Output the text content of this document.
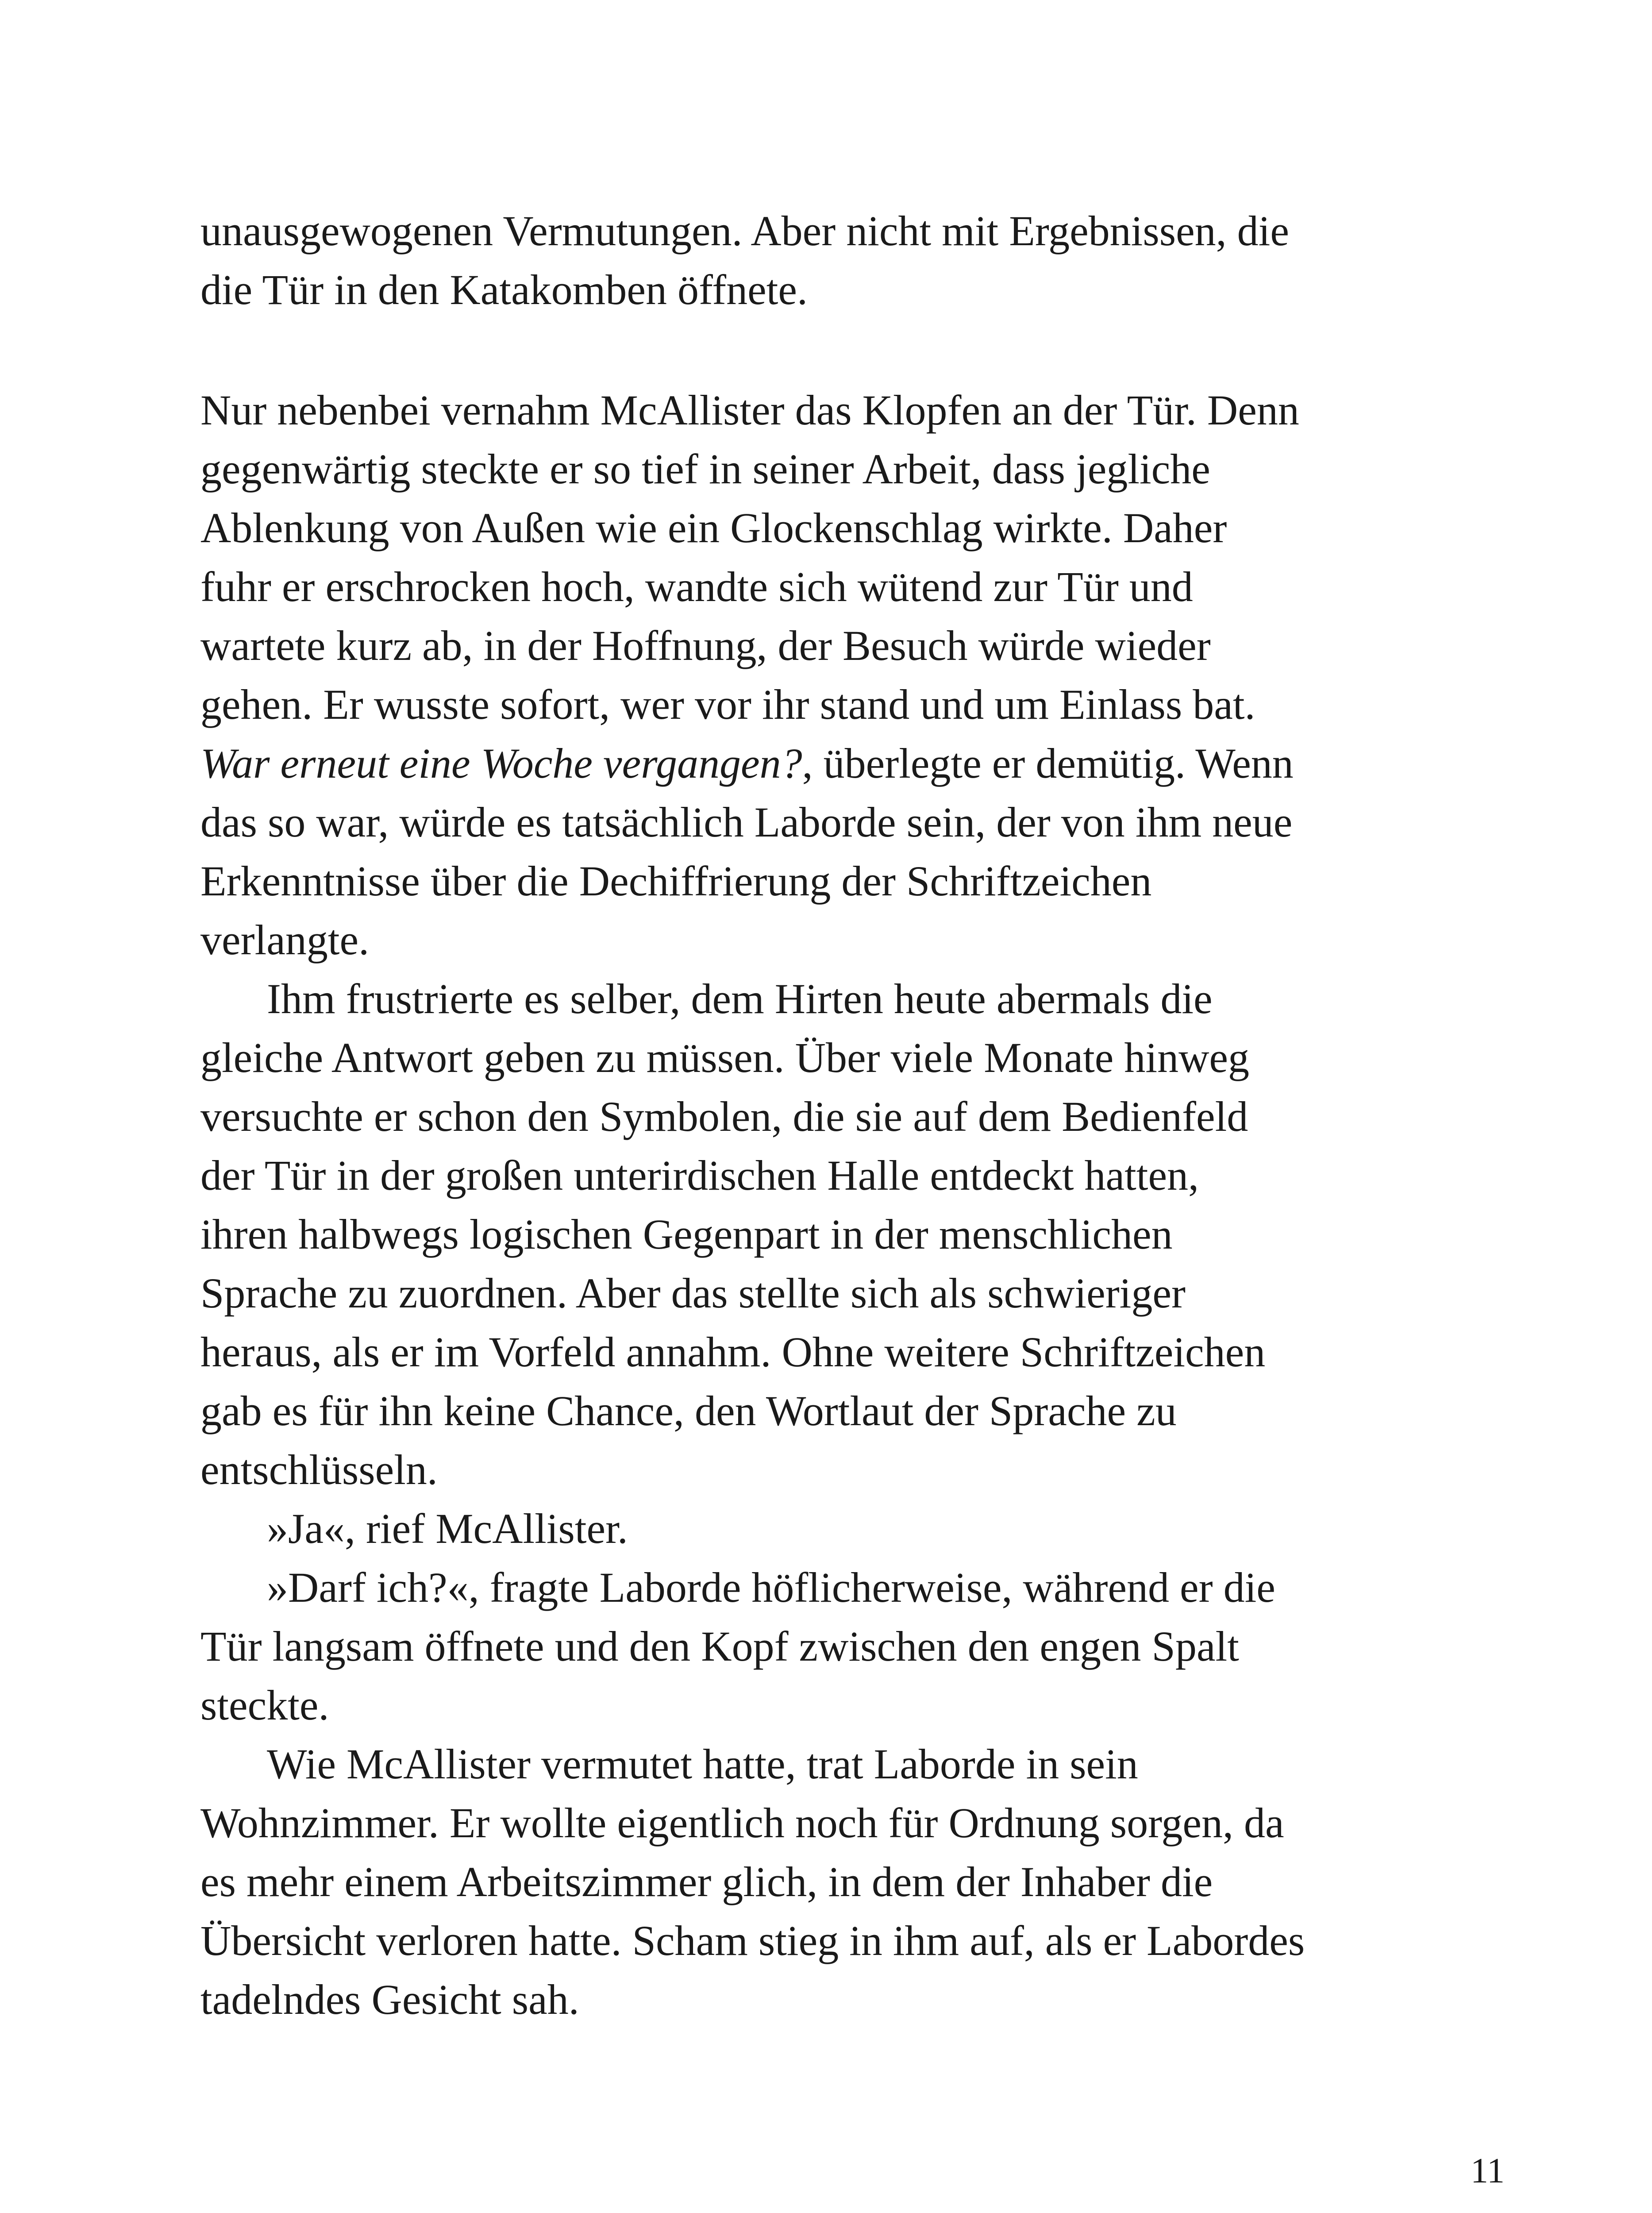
unausgewogenen Vermutungen. Aber nicht mit Ergebnissen, die
die Tür in den Katakomben öffnete.
Nur nebenbei vernahm McAllister das Klopfen an der Tür. Denn
gegenwärtig steckte er so tief in seiner Arbeit, dass jegliche
Ablenkung von Außen wie ein Glockenschlag wirkte. Daher
fuhr er erschrocken hoch, wandte sich wütend zur Tür und
wartete kurz ab, in der Hoffnung, der Besuch würde wieder
gehen. Er wusste sofort, wer vor ihr stand und um Einlass bat.
War erneut eine Woche vergangen?, überlegte er demütig. Wenn
das so war, würde es tatsächlich Laborde sein, der von ihm neue
Erkenntnisse über die Dechiffrierung der Schriftzeichen
verlangte.
Ihm frustrierte es selber, dem Hirten heute abermals die
gleiche Antwort geben zu müssen. Über viele Monate hinweg
versuchte er schon den Symbolen, die sie auf dem Bedienfeld
der Tür in der großen unterirdischen Halle entdeckt hatten,
ihren halbwegs logischen Gegenpart in der menschlichen
Sprache zu zuordnen. Aber das stellte sich als schwieriger
heraus, als er im Vorfeld annahm. Ohne weitere Schriftzeichen
gab es für ihn keine Chance, den Wortlaut der Sprache zu
entschlüsseln.
»Ja«, rief McAllister.
»Darf ich?«, fragte Laborde höflicherweise, während er die
Tür langsam öffnete und den Kopf zwischen den engen Spalt
steckte.
Wie McAllister vermutet hatte, trat Laborde in sein
Wohnzimmer. Er wollte eigentlich noch für Ordnung sorgen, da
es mehr einem Arbeitszimmer glich, in dem der Inhaber die
Übersicht verloren hatte. Scham stieg in ihm auf, als er Labordes
tadelndes Gesicht sah.
11
